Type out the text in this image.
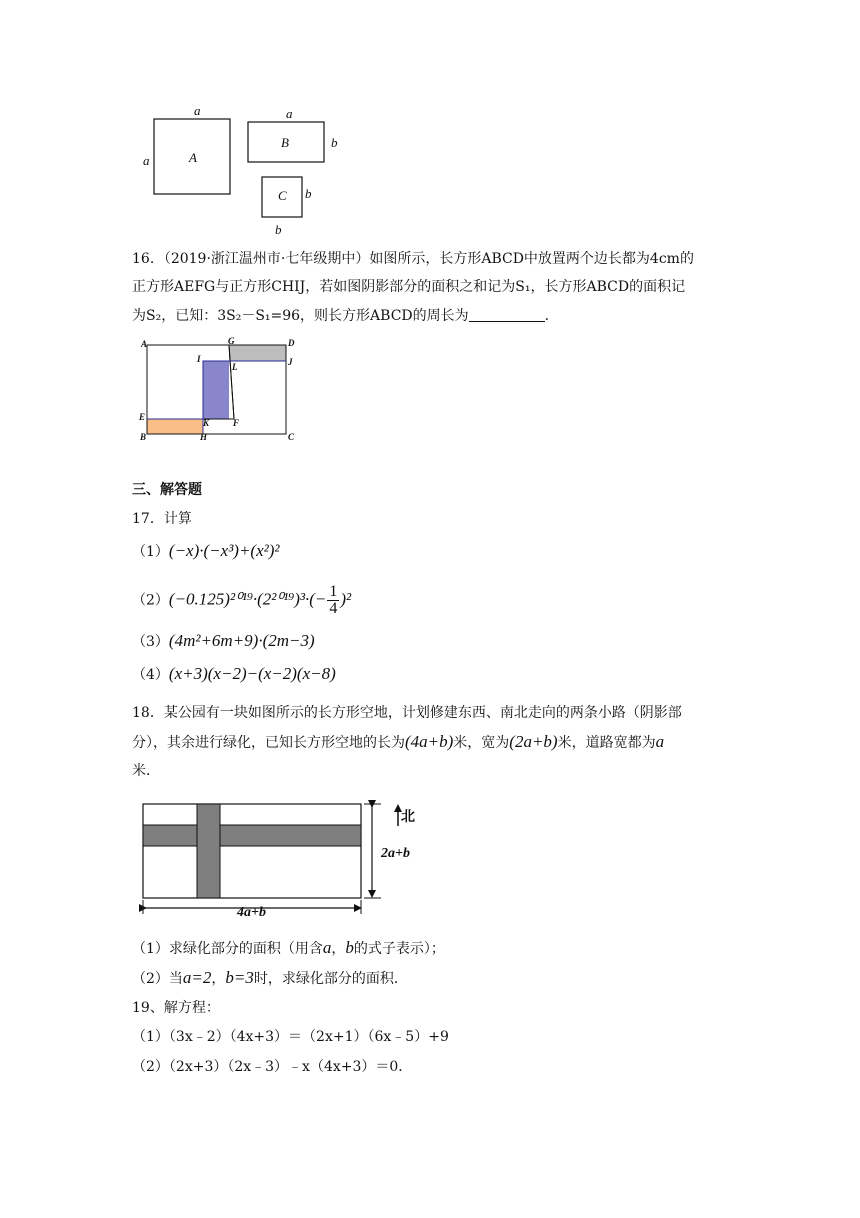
a
a	A
a
b
B
C b
b
16．（2019·浙江温州市·七年级期中）如图所示，长方形ABCD中放置两个边长都为4cm的
正方形AEFG与正方形CHIJ，若如图阴影部分的面积之和记为S₁，长方形ABCD的面积记
为S₂，已知：3S₂－S₁=96，则长方形ABCD的周长为	.
A	G	D
I
L	J
E
K	F
B	H	C
三、解答题
17．计算
（1）(−x)·(−x³)+(x²)²
$(2)(-0.125)^{2019}\cdot(2^{2019})^3\cdot(- \frac{1}{4} )^2$
（3）(4m²+6m+9)·(2m−3)
（4）(x+3)(x−2)−(x−2)(x−8)
18．某公园有一块如图所示的长方形空地，计划修建东西、南北走向的两条小路（阴影部
分），其余进行绿化，已知长方形空地的长为(4a+b)米，宽为(2a+b)米，道路宽都为a
米．
北
2a+b
4a+b
（1）求绿化部分的面积（用含a，b的式子表示）；
（2）当a=2，b=3时，求绿化部分的面积．
19、解方程：
（1）（3x﹣2）（4x+3）＝（2x+1）（6x﹣5）+9
（2）（2x+3）（2x﹣3）﹣x（4x+3）＝0．
